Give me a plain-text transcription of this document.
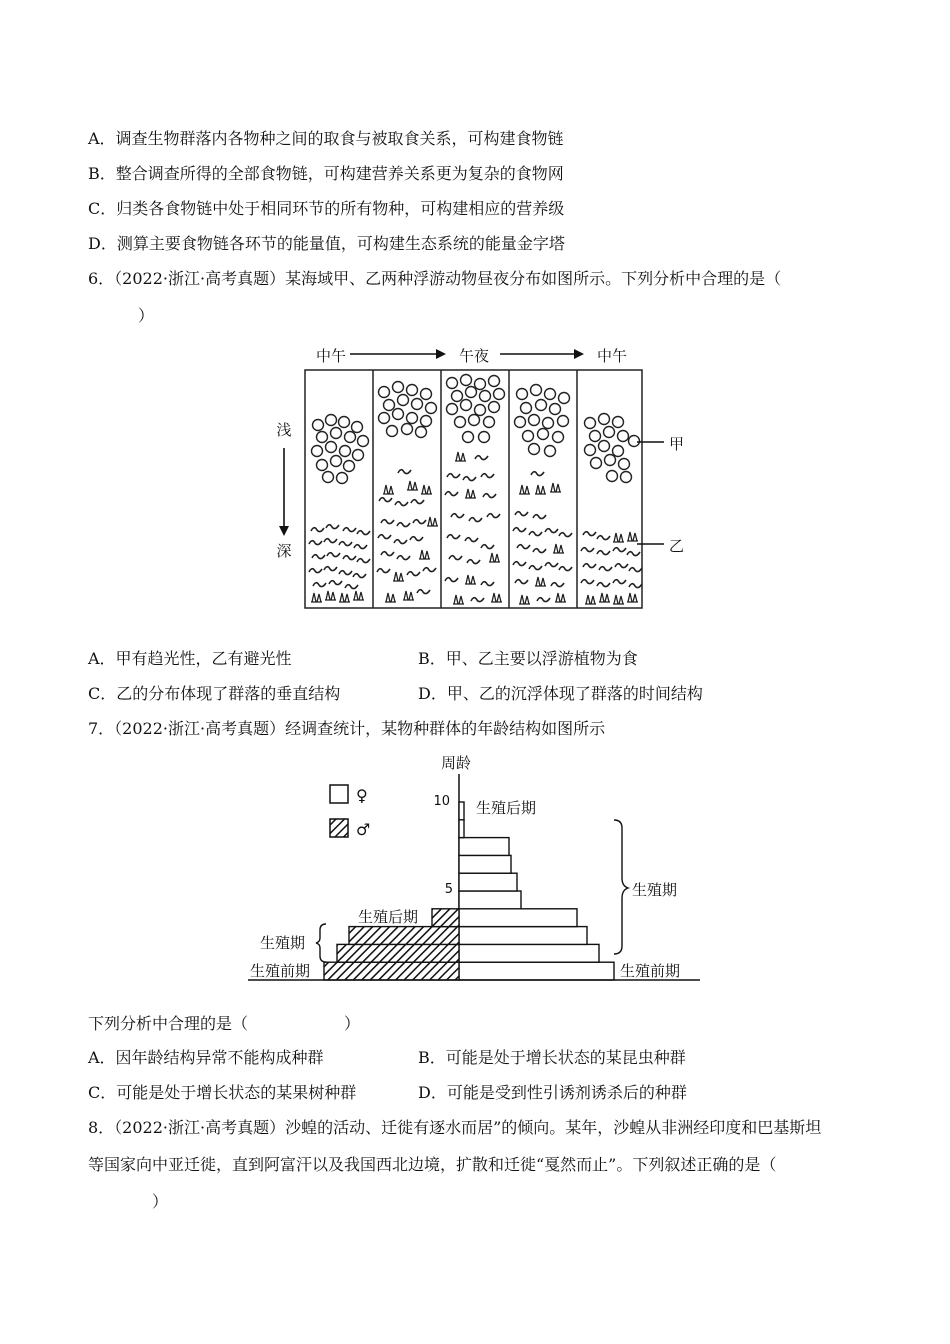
A．调查生物群落内各物种之间的取食与被取食关系，可构建食物链
B．整合调查所得的全部食物链，可构建营养关系更为复杂的食物网
C．归类各食物链中处于相同环节的所有物种，可构建相应的营养级
D．测算主要食物链各环节的能量值，可构建生态系统的能量金字塔
6．（2022·浙江·高考真题）某海域甲、乙两种浮游动物昼夜分布如图所示。下列分析中合理的是（
）
中午	午夜	中午
浅
深
甲
乙
A．甲有趋光性，乙有避光性	B．甲、乙主要以浮游植物为食
C．乙的分布体现了群落的垂直结构	D．甲、乙的沉浮体现了群落的时间结构
7．（2022·浙江·高考真题）经调查统计，某物种群体的年龄结构如图所示
周龄
10
5
♀
♂
生殖后期
生殖期
生殖前期
生殖后期
生殖期
生殖前期
下列分析中合理的是（　　　　　　）
A．因年龄结构异常不能构成种群	B．可能是处于增长状态的某昆虫种群
C．可能是处于增长状态的某果树种群	D．可能是受到性引诱剂诱杀后的种群
8．（2022·浙江·高考真题）沙蝗的活动、迁徙有逐水而居”的倾向。某年，沙蝗从非洲经印度和巴基斯坦
等国家向中亚迁徙，直到阿富汗以及我国西北边境，扩散和迁徙“戛然而止”。下列叙述正确的是（
）
